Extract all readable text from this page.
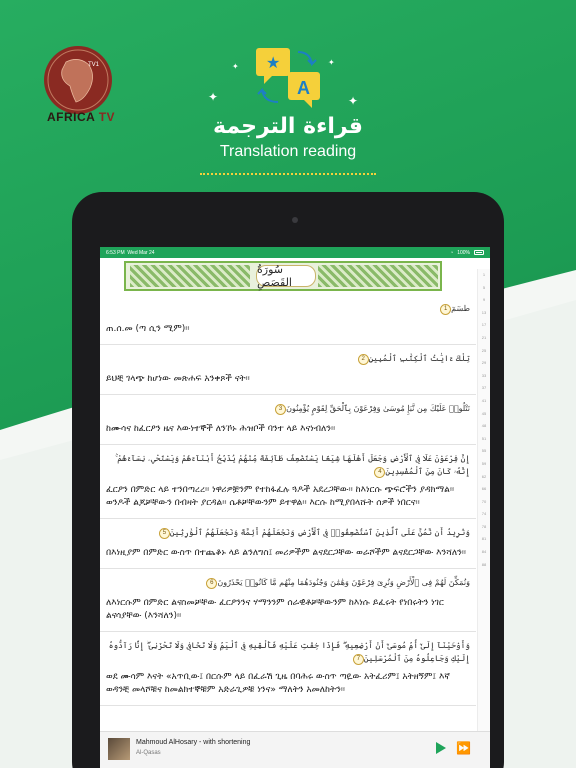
TV1
AFRICA TV
★
A
✦	✦
✦	✦
قراءة الترجمة
Translation reading
6:53 PM Wed Mar 24	◔ 100%
سُورَةُ القَصَصِ
طسٓمٓ1
ጠ.ሰ.መ (ጣ ሲን ሚም)፡፡
تِلْكَ ءَايَٰتُ ٱلْكِتَٰبِ ٱلْمُبِينِ2
ይህቺ ገላጭ ከሆነው መጽሐፍ አንቀጾች ናት፡፡
نَتْلُوا۟ عَلَيْكَ مِن نَّبَإِ مُوسَىٰ وَفِرْعَوْنَ بِٱلْحَقِّ لِقَوْمٍ يُؤْمِنُونَ3
ከሙሳና ከፈርዖን ዜና እውነተኞች ለንኾኑ ሕዝቦች ባንተ ላይ እናነብለን፡፡
إِنَّ فِرْعَوْنَ عَلَا فِى ٱلْأَرْضِ وَجَعَلَ أَهْلَهَا شِيَعًا يَسْتَضْعِفُ طَآئِفَةً مِّنْهُمْ يُذَبِّحُ أَبْنَآءَهُمْ وَيَسْتَحْىِۦ نِسَآءَهُمْ ۚ إِنَّهُۥ كَانَ مِنَ ٱلْمُفْسِدِينَ4
ፈርዖን በምድር ላይ ተንበጣረረ፡፡ ነዋሪዎቿንም የተከፋፈሉ ጓዶች አደረጋቸው፡፡ ከእነርሱ ጭፍሮችን ያዳክማል፡፡ ወንዶች ልጆቻቸውን በብዛት ያርዳል፡፡ ሴቶቻቸውንም ይተዋል፡፡ እርሱ ከሚያበላሹት ሰዎች ነበርና፡፡
وَنُرِيدُ أَن نَّمُنَّ عَلَى ٱلَّذِينَ ٱسْتُضْعِفُوا۟ فِى ٱلْأَرْضِ وَنَجْعَلَهُمْ أَئِمَّةً وَنَجْعَلَهُمُ ٱلْوَٰرِثِينَ5
በእነዚያም በምድር ውስጥ በተጨቆኑ ላይ ልንለግስ፤ መሪዎችም ልናደርጋቸው ወራሾችም ልናደርጋቸው እንሻለን፡፡
وَنُمَكِّنَ لَهُمْ فِى ٱلْأَرْضِ وَنُرِىَ فِرْعَوْنَ وَهَٰمَٰنَ وَجُنُودَهُمَا مِنْهُم مَّا كَانُوا۟ يَحْذَرُونَ6
ለእነርሱም በምድር ልናስመቻቸው ፈርዖንንና ሃማንንም ሰራዊቶቻቸውንም ከእነሱ ይፈሩት የነበሩትን ነገር ልናሳያቸው (እንሻለን)፡፡
وَأَوْحَيْنَآ إِلَىٰٓ أُمِّ مُوسَىٰٓ أَنْ أَرْضِعِيهِ ۖ فَإِذَا خِفْتِ عَلَيْهِ فَأَلْقِيهِ فِى ٱلْيَمِّ وَلَا تَخَافِى وَلَا تَحْزَنِىٓ ۖ إِنَّا رَآدُّوهُ إِلَيْكِ وَجَاعِلُوهُ مِنَ ٱلْمُرْسَلِينَ7
ወደ ሙሳም እናት «አጥቢው፤ በርሱም ላይ በፈራሽ ጊዜ በባሕሩ ውስጥ ጣዪው አትፈሪም፤ አትዘኝም፤ እኛ ወዳንቺ መላሾቹና ከመልክተኞቹም አድራጊዎቹ ነንና» ማለትን አመለከትን፡፡
1
5
9
13
17
21
25
29
33
37
41
45
48
51
55
59
62
66
70
74
78
81
84
88
Mahmoud AlHosary - with shortening
Al-Qasas	⏩
